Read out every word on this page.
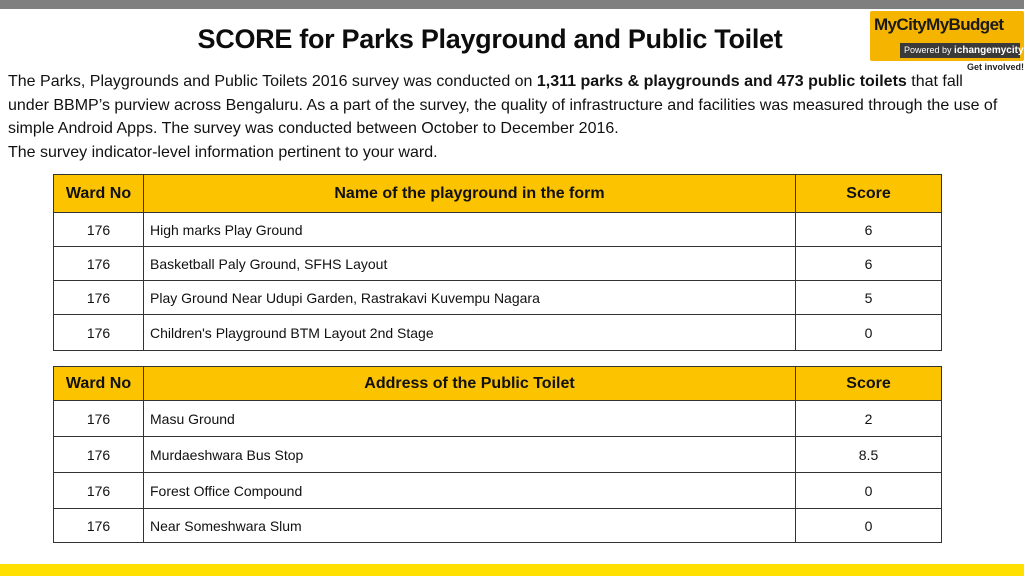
SCORE for Parks Playground and Public Toilet	MyCityMyBudget
Powered by ichangemycity
Get involved!

The Parks, Playgrounds and Public Toilets 2016 survey was conducted on 1,311 parks & playgrounds and 473 public toilets that fall under BBMP’s purview across Bengaluru. As a part of the survey, the quality of infrastructure and facilities was measured through the use of simple Android Apps. The survey was conducted between October to December 2016.

The survey indicator-level information pertinent to your ward.

Ward No	Name of the playground in the form	Score
176	High marks Play Ground	6
176	Basketball Paly Ground, SFHS Layout	6
176	Play Ground Near Udupi Garden, Rastrakavi Kuvempu Nagara	5
176	Children's Playground BTM Layout 2nd Stage	0
Ward No	Address of the Public Toilet	Score
176	Masu Ground	2
176	Murdaeshwara Bus Stop	8.5
176	Forest Office Compound	0
176	Near Someshwara Slum	0
